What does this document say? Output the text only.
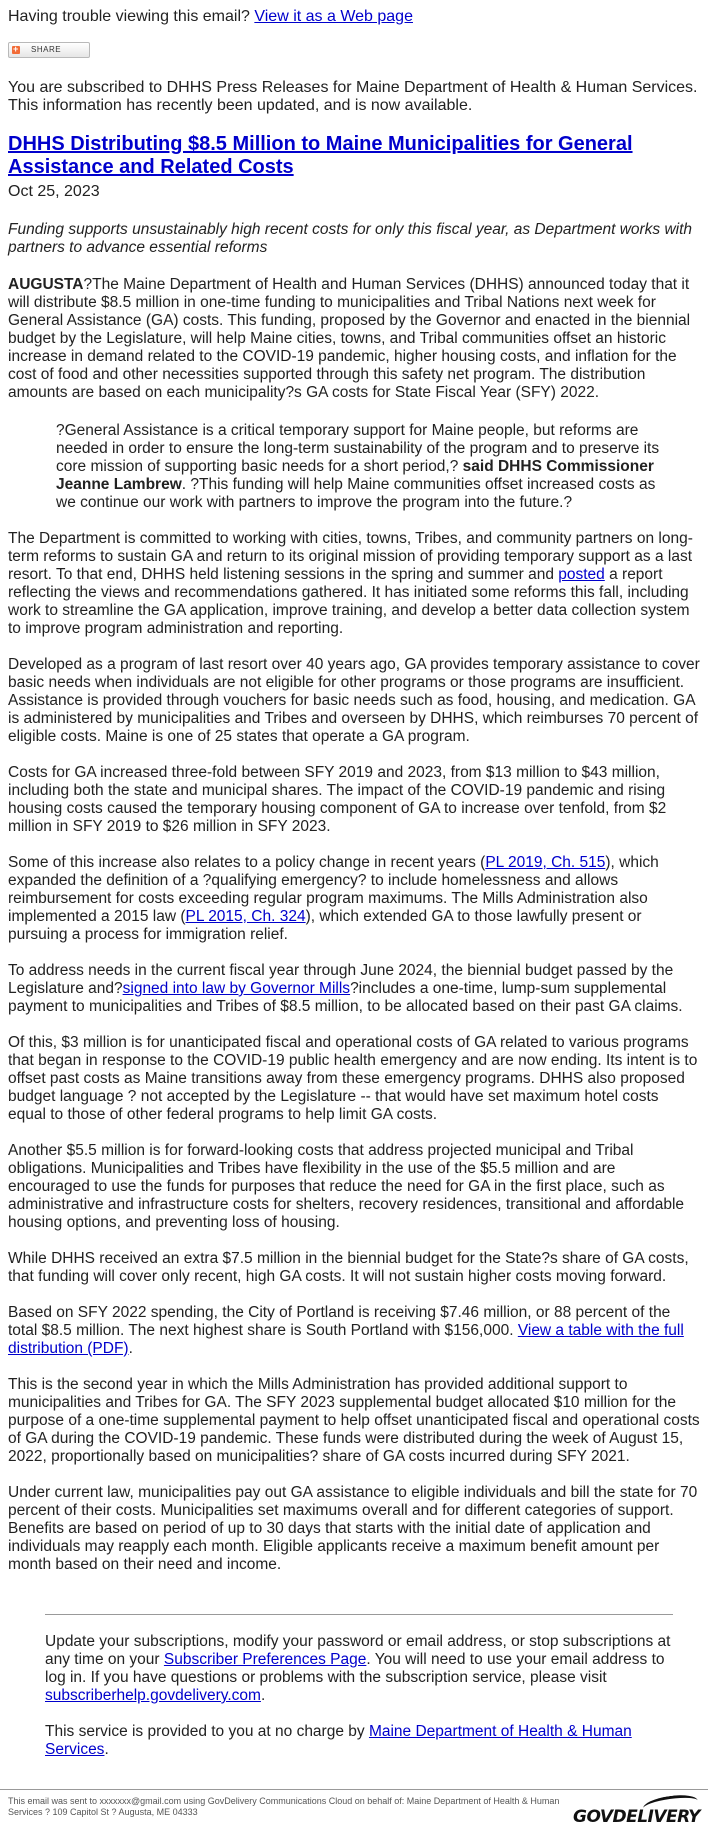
Having trouble viewing this email? View it as a Web page

+
SHARE

You are subscribed to DHHS Press Releases for Maine Department of Health & Human Services. This information has recently been updated, and is now available.

DHHS Distributing $8.5 Million to Maine Municipalities for General Assistance and Related Costs

Oct 25, 2023

Funding supports unsustainably high recent costs for only this fiscal year, as Department works with partners to advance essential reforms

AUGUSTA?The Maine Department of Health and Human Services (DHHS) announced today that it will distribute $8.5 million in one-time funding to municipalities and Tribal Nations next week for General Assistance (GA) costs. This funding, proposed by the Governor and enacted in the biennial budget by the Legislature, will help Maine cities, towns, and Tribal communities offset an historic increase in demand related to the COVID-19 pandemic, higher housing costs, and inflation for the cost of food and other necessities supported through this safety net program. The distribution amounts are based on each municipality?s GA costs for State Fiscal Year (SFY) 2022.

?General Assistance is a critical temporary support for Maine people, but reforms are needed in order to ensure the long-term sustainability of the program and to preserve its core mission of supporting basic needs for a short period,? said DHHS Commissioner Jeanne Lambrew. ?This funding will help Maine communities offset increased costs as we continue our work with partners to improve the program into the future.?

The Department is committed to working with cities, towns, Tribes, and community partners on long-term reforms to sustain GA and return to its original mission of providing temporary support as a last resort. To that end, DHHS held listening sessions in the spring and summer and posted a report reflecting the views and recommendations gathered. It has initiated some reforms this fall, including work to streamline the GA application, improve training, and develop a better data collection system to improve program administration and reporting.

Developed as a program of last resort over 40 years ago, GA provides temporary assistance to cover basic needs when individuals are not eligible for other programs or those programs are insufficient. Assistance is provided through vouchers for basic needs such as food, housing, and medication. GA is administered by municipalities and Tribes and overseen by DHHS, which reimburses 70 percent of eligible costs. Maine is one of 25 states that operate a GA program.

Costs for GA increased three-fold between SFY 2019 and 2023, from $13 million to $43 million, including both the state and municipal shares. The impact of the COVID-19 pandemic and rising housing costs caused the temporary housing component of GA to increase over tenfold, from $2 million in SFY 2019 to $26 million in SFY 2023.

Some of this increase also relates to a policy change in recent years (PL 2019, Ch. 515), which expanded the definition of a ?qualifying emergency? to include homelessness and allows reimbursement for costs exceeding regular program maximums. The Mills Administration also implemented a 2015 law (PL 2015, Ch. 324), which extended GA to those lawfully present or pursuing a process for immigration relief.

To address needs in the current fiscal year through June 2024, the biennial budget passed by the Legislature and?signed into law by Governor Mills?includes a one-time, lump-sum supplemental payment to municipalities and Tribes of $8.5 million, to be allocated based on their past GA claims.

Of this, $3 million is for unanticipated fiscal and operational costs of GA related to various programs that began in response to the COVID-19 public health emergency and are now ending. Its intent is to offset past costs as Maine transitions away from these emergency programs. DHHS also proposed budget language ? not accepted by the Legislature -- that would have set maximum hotel costs equal to those of other federal programs to help limit GA costs.

Another $5.5 million is for forward-looking costs that address projected municipal and Tribal obligations. Municipalities and Tribes have flexibility in the use of the $5.5 million and are encouraged to use the funds for purposes that reduce the need for GA in the first place, such as administrative and infrastructure costs for shelters, recovery residences, transitional and affordable housing options, and preventing loss of housing.

While DHHS received an extra $7.5 million in the biennial budget for the State?s share of GA costs, that funding will cover only recent, high GA costs. It will not sustain higher costs moving forward.

Based on SFY 2022 spending, the City of Portland is receiving $7.46 million, or 88 percent of the total $8.5 million. The next highest share is South Portland with $156,000. View a table with the full distribution (PDF).

This is the second year in which the Mills Administration has provided additional support to municipalities and Tribes for GA. The SFY 2023 supplemental budget allocated $10 million for the purpose of a one-time supplemental payment to help offset unanticipated fiscal and operational costs of GA during the COVID-19 pandemic. These funds were distributed during the week of August 15, 2022, proportionally based on municipalities? share of GA costs incurred during SFY 2021.

Under current law, municipalities pay out GA assistance to eligible individuals and bill the state for 70 percent of their costs. Municipalities set maximums overall and for different categories of support. Benefits are based on period of up to 30 days that starts with the initial date of application and individuals may reapply each month. Eligible applicants receive a maximum benefit amount per month based on their need and income.

Update your subscriptions, modify your password or email address, or stop subscriptions at any time on your Subscriber Preferences Page. You will need to use your email address to log in. If you have questions or problems with the subscription service, please visit subscriberhelp.govdelivery.com.

This service is provided to you at no charge by Maine Department of Health & Human Services.

This email was sent to xxxxxxx@gmail.com using GovDelivery Communications Cloud on behalf of: Maine Department of Health & Human Services ? 109 Capitol St ? Augusta, ME 04333	GOVDELIVERY
